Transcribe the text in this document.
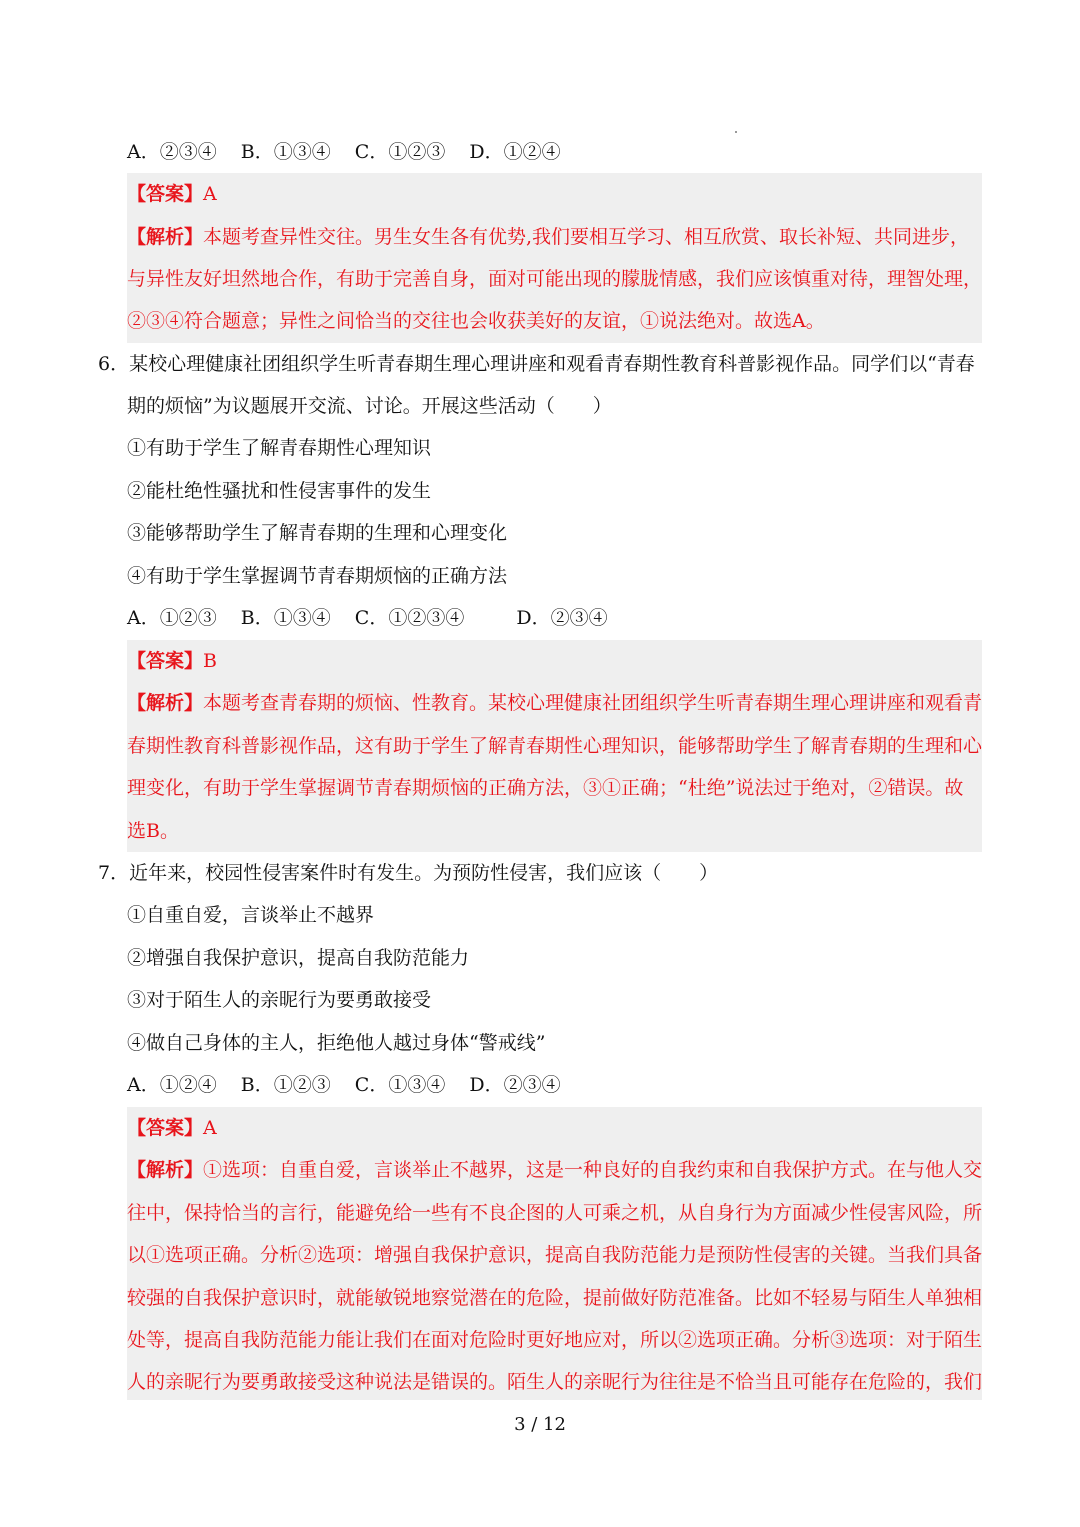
A．②③④ B．①③④ C．①②③ D．①②④
【答案】A
【解析】本题考查异性交往。男生女生各有优势,我们要相互学习、相互欣赏、取长补短、共同进步，
与异性友好坦然地合作，有助于完善自身，面对可能出现的朦胧情感，我们应该慎重对待，理智处理，
②③④符合题意；异性之间恰当的交往也会收获美好的友谊，①说法绝对。故选A。
6．某校心理健康社团组织学生听青春期生理心理讲座和观看青春期性教育科普影视作品。同学们以“青春
期的烦恼”为议题展开交流、讨论。开展这些活动（　　）
①有助于学生了解青春期性心理知识
②能杜绝性骚扰和性侵害事件的发生
③能够帮助学生了解青春期的生理和心理变化
④有助于学生掌握调节青春期烦恼的正确方法
A．①②③ B．①③④ C．①②③④	D．②③④
【答案】B
【解析】本题考查青春期的烦恼、性教育。某校心理健康社团组织学生听青春期生理心理讲座和观看青
春期性教育科普影视作品，这有助于学生了解青春期性心理知识，能够帮助学生了解青春期的生理和心
理变化，有助于学生掌握调节青春期烦恼的正确方法，③①正确；“杜绝”说法过于绝对，②错误。故
选B。
7．近年来，校园性侵害案件时有发生。为预防性侵害，我们应该（　　）
①自重自爱，言谈举止不越界
②增强自我保护意识，提高自我防范能力
③对于陌生人的亲昵行为要勇敢接受
④做自己身体的主人，拒绝他人越过身体“警戒线”
A．①②④ B．①②③ C．①③④ D．②③④
【答案】A
【解析】①选项：自重自爱，言谈举止不越界，这是一种良好的自我约束和自我保护方式。在与他人交
往中，保持恰当的言行，能避免给一些有不良企图的人可乘之机，从自身行为方面减少性侵害风险，所
以①选项正确。分析②选项：增强自我保护意识，提高自我防范能力是预防性侵害的关键。当我们具备
较强的自我保护意识时，就能敏锐地察觉潜在的危险，提前做好防范准备。比如不轻易与陌生人单独相
处等，提高自我防范能力能让我们在面对危险时更好地应对，所以②选项正确。分析③选项：对于陌生
人的亲昵行为要勇敢接受这种说法是错误的。陌生人的亲昵行为往往是不恰当且可能存在危险的，我们
3 / 12
